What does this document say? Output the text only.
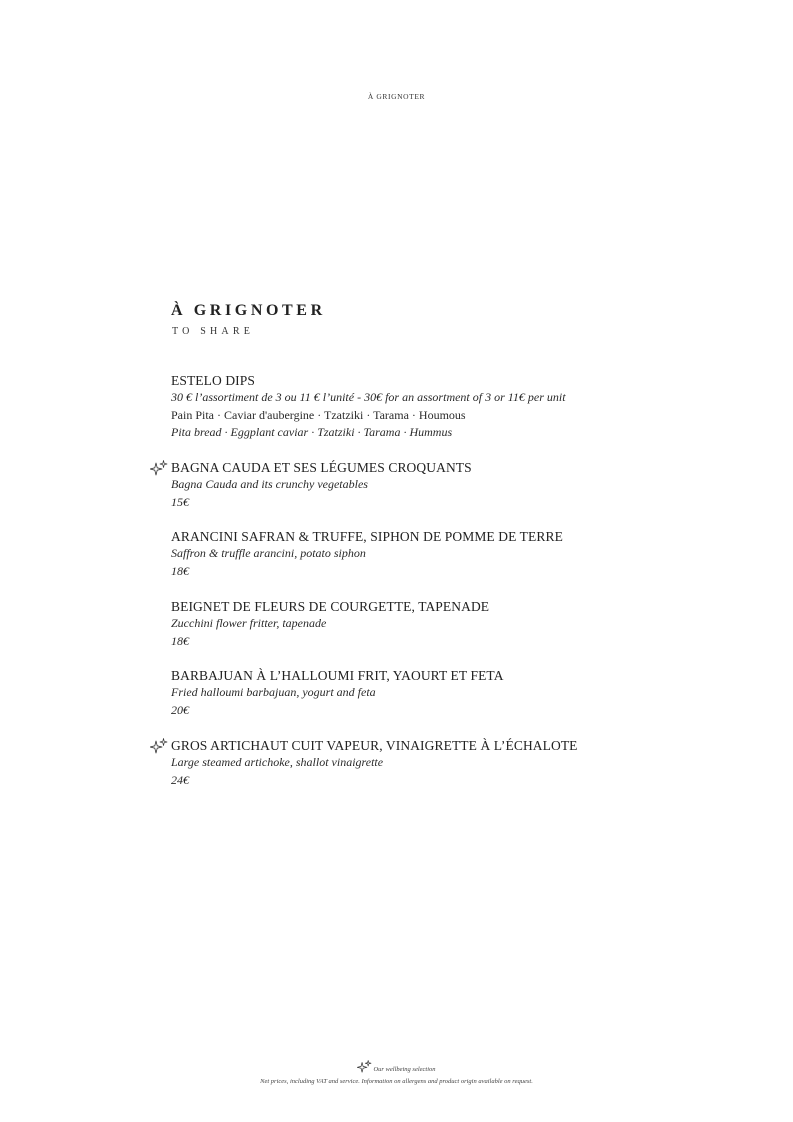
À GRIGNOTER
À GRIGNOTER
TO SHARE
ESTELO DIPS
30 € l’assortiment de 3 ou 11 € l’unité - 30€ for an assortment of 3 or 11€ per unit
Pain Pita · Caviar d'aubergine · Tzatziki · Tarama · Houmous
Pita bread · Eggplant caviar · Tzatziki · Tarama · Hummus
BAGNA CAUDA ET SES LÉGUMES CROQUANTS
Bagna Cauda and its crunchy vegetables
15€
ARANCINI SAFRAN & TRUFFE, SIPHON DE POMME DE TERRE
Saffron & truffle arancini, potato siphon
18€
BEIGNET DE FLEURS DE COURGETTE, TAPENADE
Zucchini flower fritter, tapenade
18€
BARBAJUAN À L’HALLOUMI FRIT, YAOURT ET FETA
Fried halloumi barbajuan, yogurt and feta
20€
GROS ARTICHAUT CUIT VAPEUR, VINAIGRETTE À L’ÉCHALOTE
Large steamed artichoke, shallot vinaigrette
24€
Our wellbeing selection
Net prices, including VAT and service. Information on allergens and product origin available on request.
